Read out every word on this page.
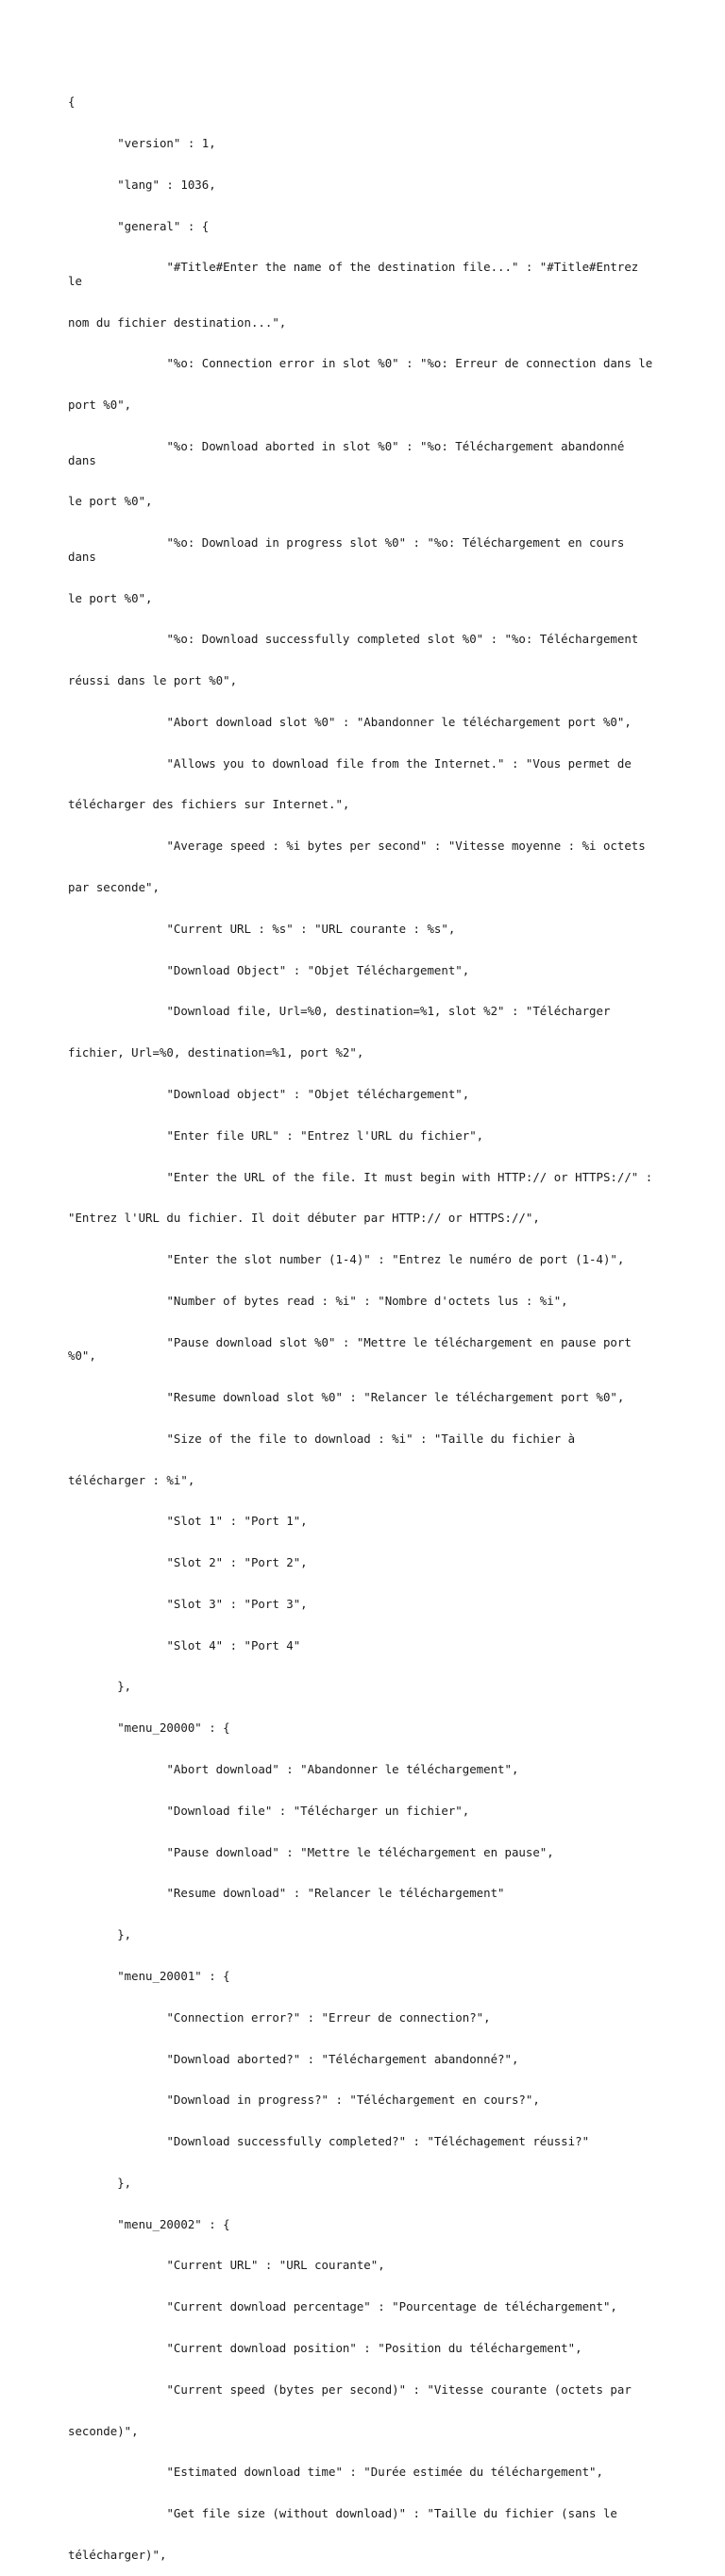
{

	"version" : 1,

	"lang" : 1036,

	"general" : {

		"#Title#Enter the name of the destination file..." : "#Title#Entrez le

nom du fichier destination...",

		"%o: Connection error in slot %0" : "%o: Erreur de connection dans le

port %0",

		"%o: Download aborted in slot %0" : "%o: Téléchargement abandonné dans

le port %0",

		"%o: Download in progress slot %0" : "%o: Téléchargement en cours dans

le port %0",

		"%o: Download successfully completed slot %0" : "%o: Téléchargement

réussi dans le port %0",

		"Abort download slot %0" : "Abandonner le téléchargement port %0",

		"Allows you to download file from the Internet." : "Vous permet de

télécharger des fichiers sur Internet.",

		"Average speed : %i bytes per second" : "Vitesse moyenne : %i octets

par seconde",

		"Current URL : %s" : "URL courante : %s",

		"Download Object" : "Objet Téléchargement",

		"Download file, Url=%0, destination=%1, slot %2" : "Télécharger

fichier, Url=%0, destination=%1, port %2",

		"Download object" : "Objet téléchargement",

		"Enter file URL" : "Entrez l'URL du fichier",

		"Enter the URL of the file. It must begin with HTTP:// or HTTPS://" :

"Entrez l'URL du fichier. Il doit débuter par HTTP:// or HTTPS://",

		"Enter the slot number (1-4)" : "Entrez le numéro de port (1-4)",

		"Number of bytes read : %i" : "Nombre d'octets lus : %i",

		"Pause download slot %0" : "Mettre le téléchargement en pause port %0",

		"Resume download slot %0" : "Relancer le téléchargement port %0",

		"Size of the file to download : %i" : "Taille du fichier à

télécharger : %i",

		"Slot 1" : "Port 1",

		"Slot 2" : "Port 2",

		"Slot 3" : "Port 3",

		"Slot 4" : "Port 4"

	},

	"menu_20000" : {

		"Abort download" : "Abandonner le téléchargement",

		"Download file" : "Télécharger un fichier",

		"Pause download" : "Mettre le téléchargement en pause",

		"Resume download" : "Relancer le téléchargement"

	},

	"menu_20001" : {

		"Connection error?" : "Erreur de connection?",

		"Download aborted?" : "Téléchargement abandonné?",

		"Download in progress?" : "Téléchargement en cours?",

		"Download successfully completed?" : "Téléchagement réussi?"

	},

	"menu_20002" : {

		"Current URL" : "URL courante",

		"Current download percentage" : "Pourcentage de téléchargement",

		"Current download position" : "Position du téléchargement",

		"Current speed (bytes per second)" : "Vitesse courante (octets par

seconde)",

		"Estimated download time" : "Durée estimée du téléchargement",

		"Get file size (without download)" : "Taille du fichier (sans le

télécharger)",
